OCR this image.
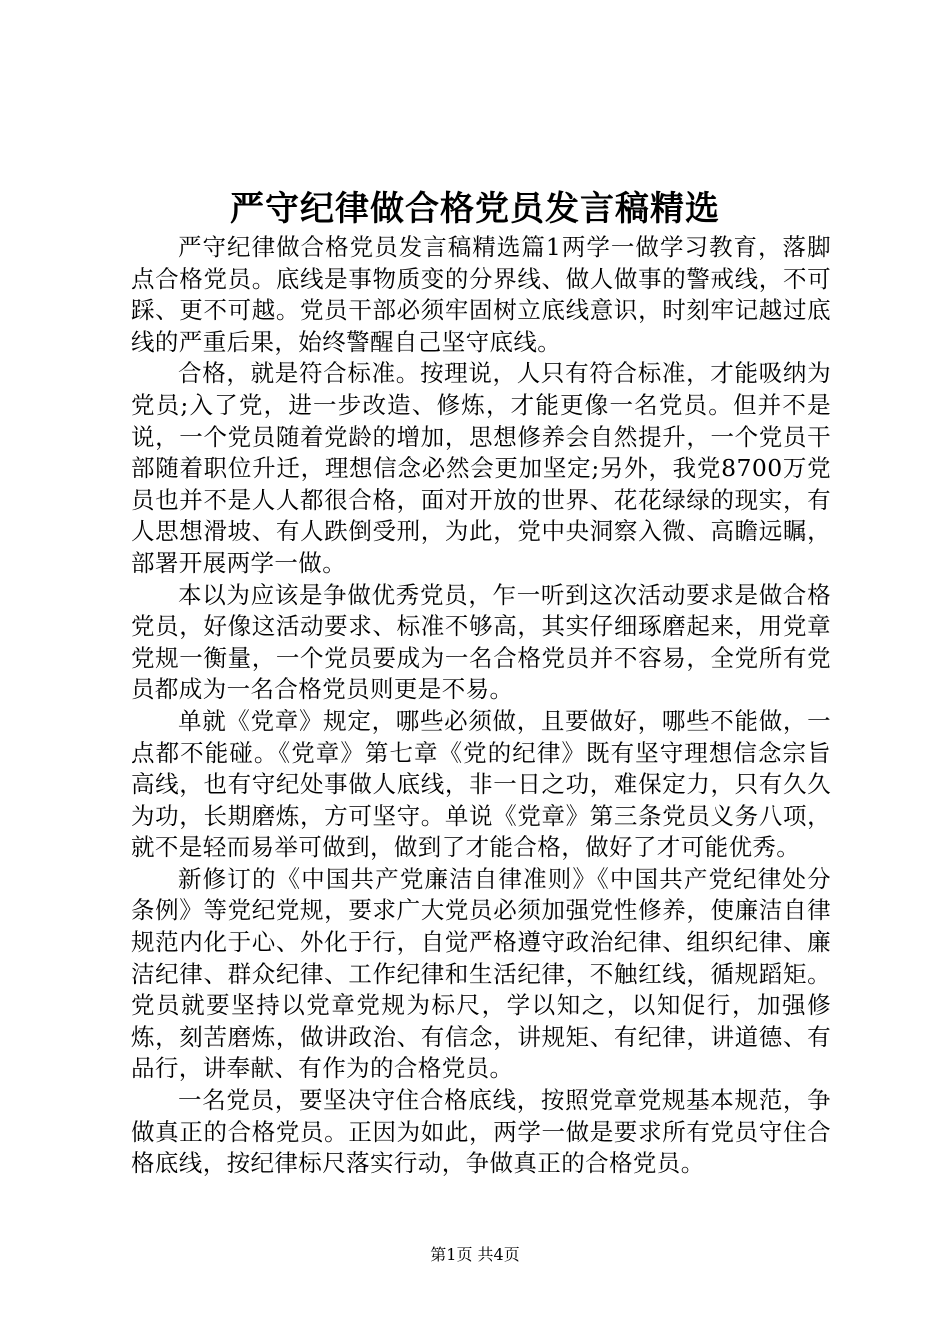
严守纪律做合格党员发言稿精选

严守纪律做合格党员发言稿精选篇1两学一做学习教育，落脚点合格党员。底线是事物质变的分界线、做人做事的警戒线，不可踩、更不可越。党员干部必须牢固树立底线意识，时刻牢记越过底线的严重后果，始终警醒自己坚守底线。

合格，就是符合标准。按理说，人只有符合标准，才能吸纳为党员;入了党，进一步改造、修炼，才能更像一名党员。但并不是说，一个党员随着党龄的增加，思想修养会自然提升，一个党员干部随着职位升迁，理想信念必然会更加坚定;另外，我党8700万党员也并不是人人都很合格，面对开放的世界、花花绿绿的现实，有人思想滑坡、有人跌倒受刑，为此，党中央洞察入微、高瞻远瞩，部署开展两学一做。

本以为应该是争做优秀党员，乍一听到这次活动要求是做合格党员，好像这活动要求、标准不够高，其实仔细琢磨起来，用党章党规一衡量，一个党员要成为一名合格党员并不容易，全党所有党员都成为一名合格党员则更是不易。

单就《党章》规定，哪些必须做，且要做好，哪些不能做，一点都不能碰。《党章》第七章《党的纪律》既有坚守理想信念宗旨高线，也有守纪处事做人底线，非一日之功，难保定力，只有久久为功，长期磨炼，方可坚守。单说《党章》第三条党员义务八项，就不是轻而易举可做到，做到了才能合格，做好了才可能优秀。

新修订的《中国共产党廉洁自律准则》《中国共产党纪律处分条例》等党纪党规，要求广大党员必须加强党性修养，使廉洁自律规范内化于心、外化于行，自觉严格遵守政治纪律、组织纪律、廉洁纪律、群众纪律、工作纪律和生活纪律，不触红线，循规蹈矩。党员就要坚持以党章党规为标尺，学以知之，以知促行，加强修炼，刻苦磨炼，做讲政治、有信念，讲规矩、有纪律，讲道德、有品行，讲奉献、有作为的合格党员。

一名党员，要坚决守住合格底线，按照党章党规基本规范，争做真正的合格党员。正因为如此，两学一做是要求所有党员守住合格底线，按纪律标尺落实行动，争做真正的合格党员。

第1页 共4页
